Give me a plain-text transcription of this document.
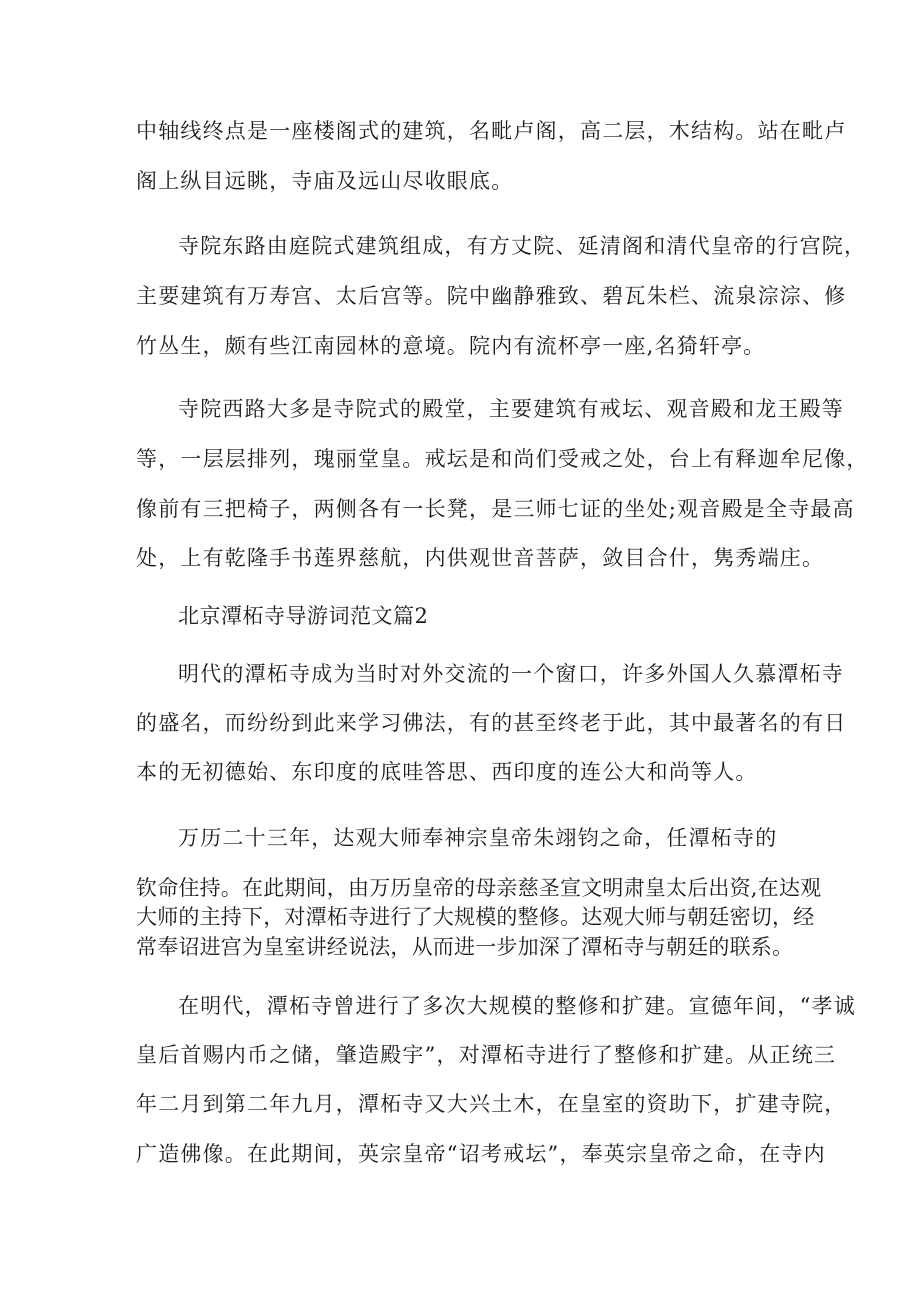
中轴线终点是一座楼阁式的建筑，名毗卢阁，高二层，木结构。站在毗卢
阁上纵目远眺，寺庙及远山尽收眼底。
寺院东路由庭院式建筑组成，有方丈院、延清阁和清代皇帝的行宫院，
主要建筑有万寿宫、太后宫等。院中幽静雅致、碧瓦朱栏、流泉淙淙、修
竹丛生，颇有些江南园林的意境。院内有流杯亭一座,名猗轩亭。
寺院西路大多是寺院式的殿堂，主要建筑有戒坛、观音殿和龙王殿等
等，一层层排列，瑰丽堂皇。戒坛是和尚们受戒之处，台上有释迦牟尼像，
像前有三把椅子，两侧各有一长凳，是三师七证的坐处;观音殿是全寺最高
处，上有乾隆手书莲界慈航，内供观世音菩萨，敛目合什，隽秀端庄。
北京潭柘寺导游词范文篇2
明代的潭柘寺成为当时对外交流的一个窗口，许多外国人久慕潭柘寺
的盛名，而纷纷到此来学习佛法，有的甚至终老于此，其中最著名的有日
本的无初德始、东印度的底哇答思、西印度的连公大和尚等人。
万历二十三年，达观大师奉神宗皇帝朱翊钧之命，任潭柘寺的
钦命住持。在此期间，由万历皇帝的母亲慈圣宣文明肃皇太后出资,在达观
大师的主持下，对潭柘寺进行了大规模的整修。达观大师与朝廷密切，经
常奉诏进宫为皇室讲经说法，从而进一步加深了潭柘寺与朝廷的联系。
在明代，潭柘寺曾进行了多次大规模的整修和扩建。宣德年间，“孝诚
皇后首赐内币之储，肇造殿宇”，对潭柘寺进行了整修和扩建。从正统三
年二月到第二年九月，潭柘寺又大兴土木，在皇室的资助下，扩建寺院，
广造佛像。在此期间，英宗皇帝“诏考戒坛”，奉英宗皇帝之命，在寺内
